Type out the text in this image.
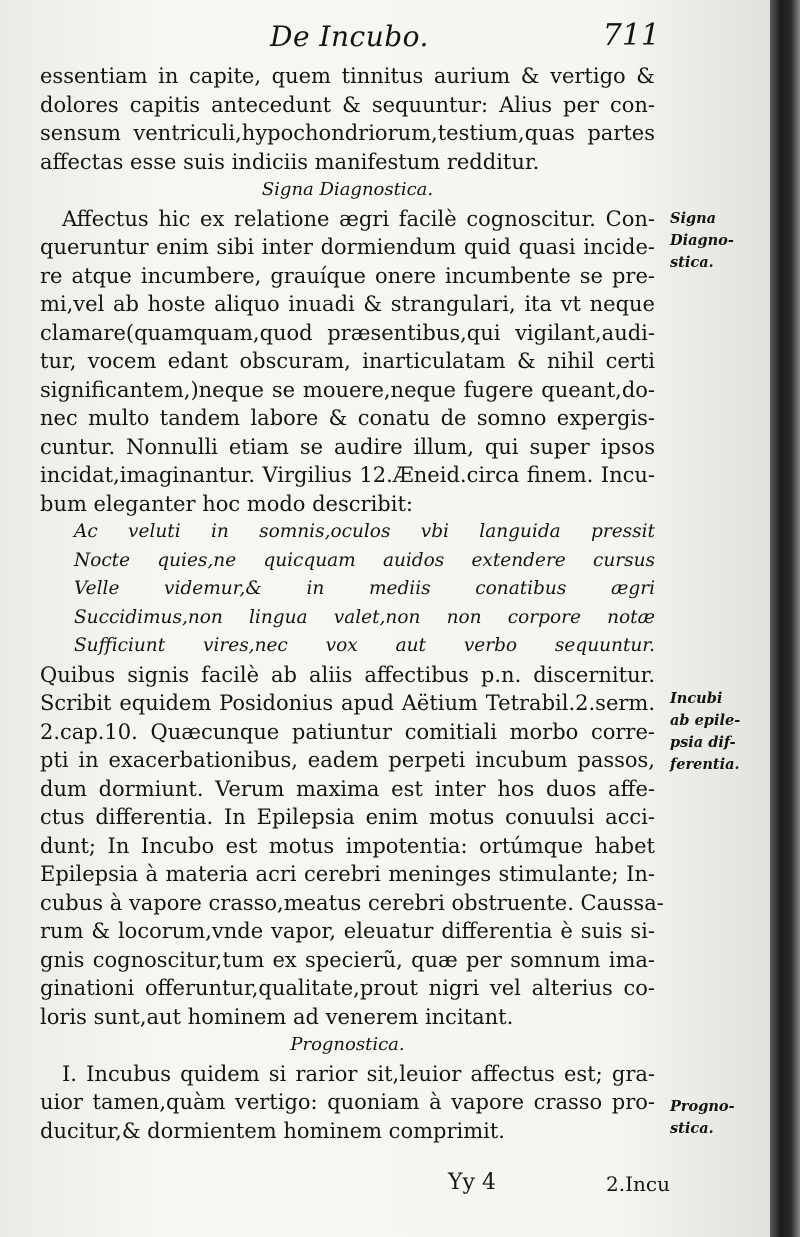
De Incubo.	711
essentiam in capite, quem tinnitus aurium & vertigo &
dolores capitis antecedunt & sequuntur: Alius per con-
sensum ventriculi,hypochondriorum,testium,quas partes
affectas esse suis indiciis manifestum redditur.
Signa Diagnostica.
Affectus hic ex relatione ægri facilè cognoscitur. Con-
queruntur enim sibi inter dormiendum quid quasi incide-
re atque incumbere, grauíque onere incumbente se pre-
mi,vel ab hoste aliquo inuadi & strangulari, ita vt neque
clamare(quamquam,quod præsentibus,qui vigilant,audi-
tur, vocem edant obscuram, inarticulatam & nihil certi
significantem,)neque se mouere,neque fugere queant,do-
nec multo tandem labore & conatu de somno expergis-
cuntur. Nonnulli etiam se audire illum, qui super ipsos
incidat,imaginantur. Virgilius 12.Æneid.circa finem. Incu-
bum eleganter hoc modo describit:
Ac veluti in somnis,oculos vbi languida pressit
Nocte quies,ne quicquam auidos extendere cursus
Velle videmur,& in mediis conatibus ægri
Succidimus,non lingua valet,non non corpore notæ
Sufficiunt vires,nec vox aut verbo sequuntur.
Quibus signis facilè ab aliis affectibus p.n. discernitur.
Scribit equidem Posidonius apud Aëtium Tetrabil.2.serm.
2.cap.10. Quæcunque patiuntur comitiali morbo corre-
pti in exacerbationibus, eadem perpeti incubum passos,
dum dormiunt. Verum maxima est inter hos duos affe-
ctus differentia. In Epilepsia enim motus conuulsi acci-
dunt; In Incubo est motus impotentia: ortúmque habet
Epilepsia à materia acri cerebri meninges stimulante; In-
cubus à vapore crasso,meatus cerebri obstruente. Caussa-
rum & locorum,vnde vapor, eleuatur differentia è suis si-
gnis cognoscitur,tum ex specierũ, quæ per somnum ima-
ginationi offeruntur,qualitate,prout nigri vel alterius co-
loris sunt,aut hominem ad venerem incitant.
Prognostica.
I. Incubus quidem si rarior sit,leuior affectus est; gra-
uior tamen,quàm vertigo: quoniam à vapore crasso pro-
ducitur,& dormientem hominem comprimit.
Signa
Diagno-
stica.
Incubi
ab epile-
psia dif-
ferentia.
Progno-
stica.
Yy 4	2.Incu
